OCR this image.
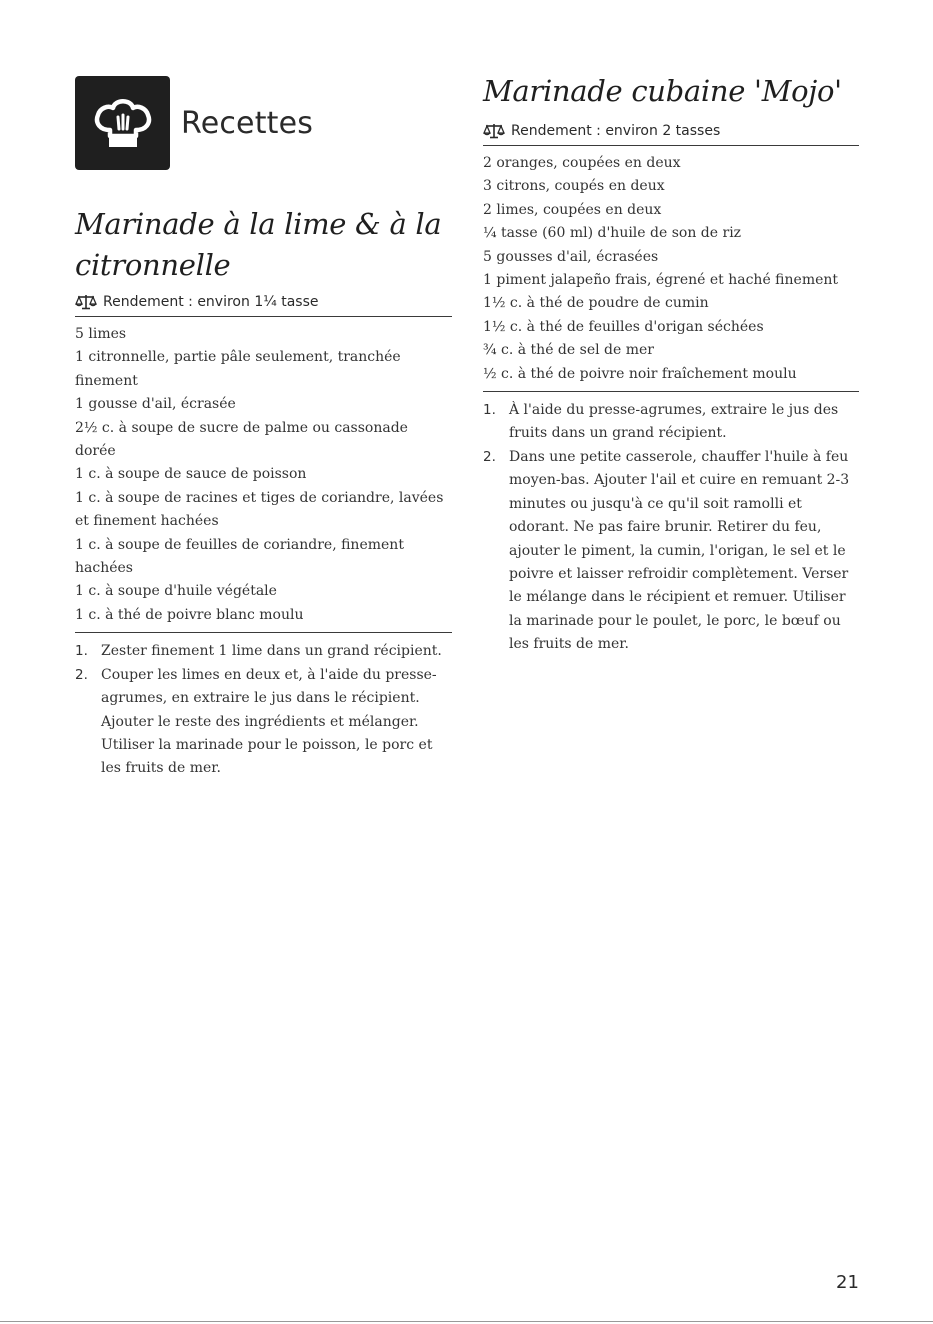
Recettes
Marinade à la lime & à la citronnelle
Rendement : environ 1¼ tasse
5 limes
1 citronnelle, partie pâle seulement, tranchée finement
1 gousse d'ail, écrasée
2½ c. à soupe de sucre de palme ou cassonade dorée
1 c. à soupe de sauce de poisson
1 c. à soupe de racines et tiges de coriandre, lavées et finement hachées
1 c. à soupe de feuilles de coriandre, finement hachées
1 c. à soupe d'huile végétale
1 c. à thé de poivre blanc moulu
1. Zester finement 1 lime dans un grand récipient.
2. Couper les limes en deux et, à l'aide du presse-agrumes, en extraire le jus dans le récipient. Ajouter le reste des ingrédients et mélanger. Utiliser la marinade pour le poisson, le porc et les fruits de mer.
Marinade cubaine 'Mojo'
Rendement : environ 2 tasses
2 oranges, coupées en deux
3 citrons, coupés en deux
2 limes, coupées en deux
¼ tasse (60 ml) d'huile de son de riz
5 gousses d'ail, écrasées
1 piment jalapeño frais, égrené et haché finement
1½ c. à thé de poudre de cumin
1½ c. à thé de feuilles d'origan séchées
¾ c. à thé de sel de mer
½ c. à thé de poivre noir fraîchement moulu
1. À l'aide du presse-agrumes, extraire le jus des fruits dans un grand récipient.
2. Dans une petite casserole, chauffer l'huile à feu moyen-bas. Ajouter l'ail et cuire en remuant 2-3 minutes ou jusqu'à ce qu'il soit ramolli et odorant. Ne pas faire brunir. Retirer du feu, ajouter le piment, la cumin, l'origan, le sel et le poivre et laisser refroidir complètement. Verser le mélange dans le récipient et remuer. Utiliser la marinade pour le poulet, le porc, le bœuf ou les fruits de mer.
21
